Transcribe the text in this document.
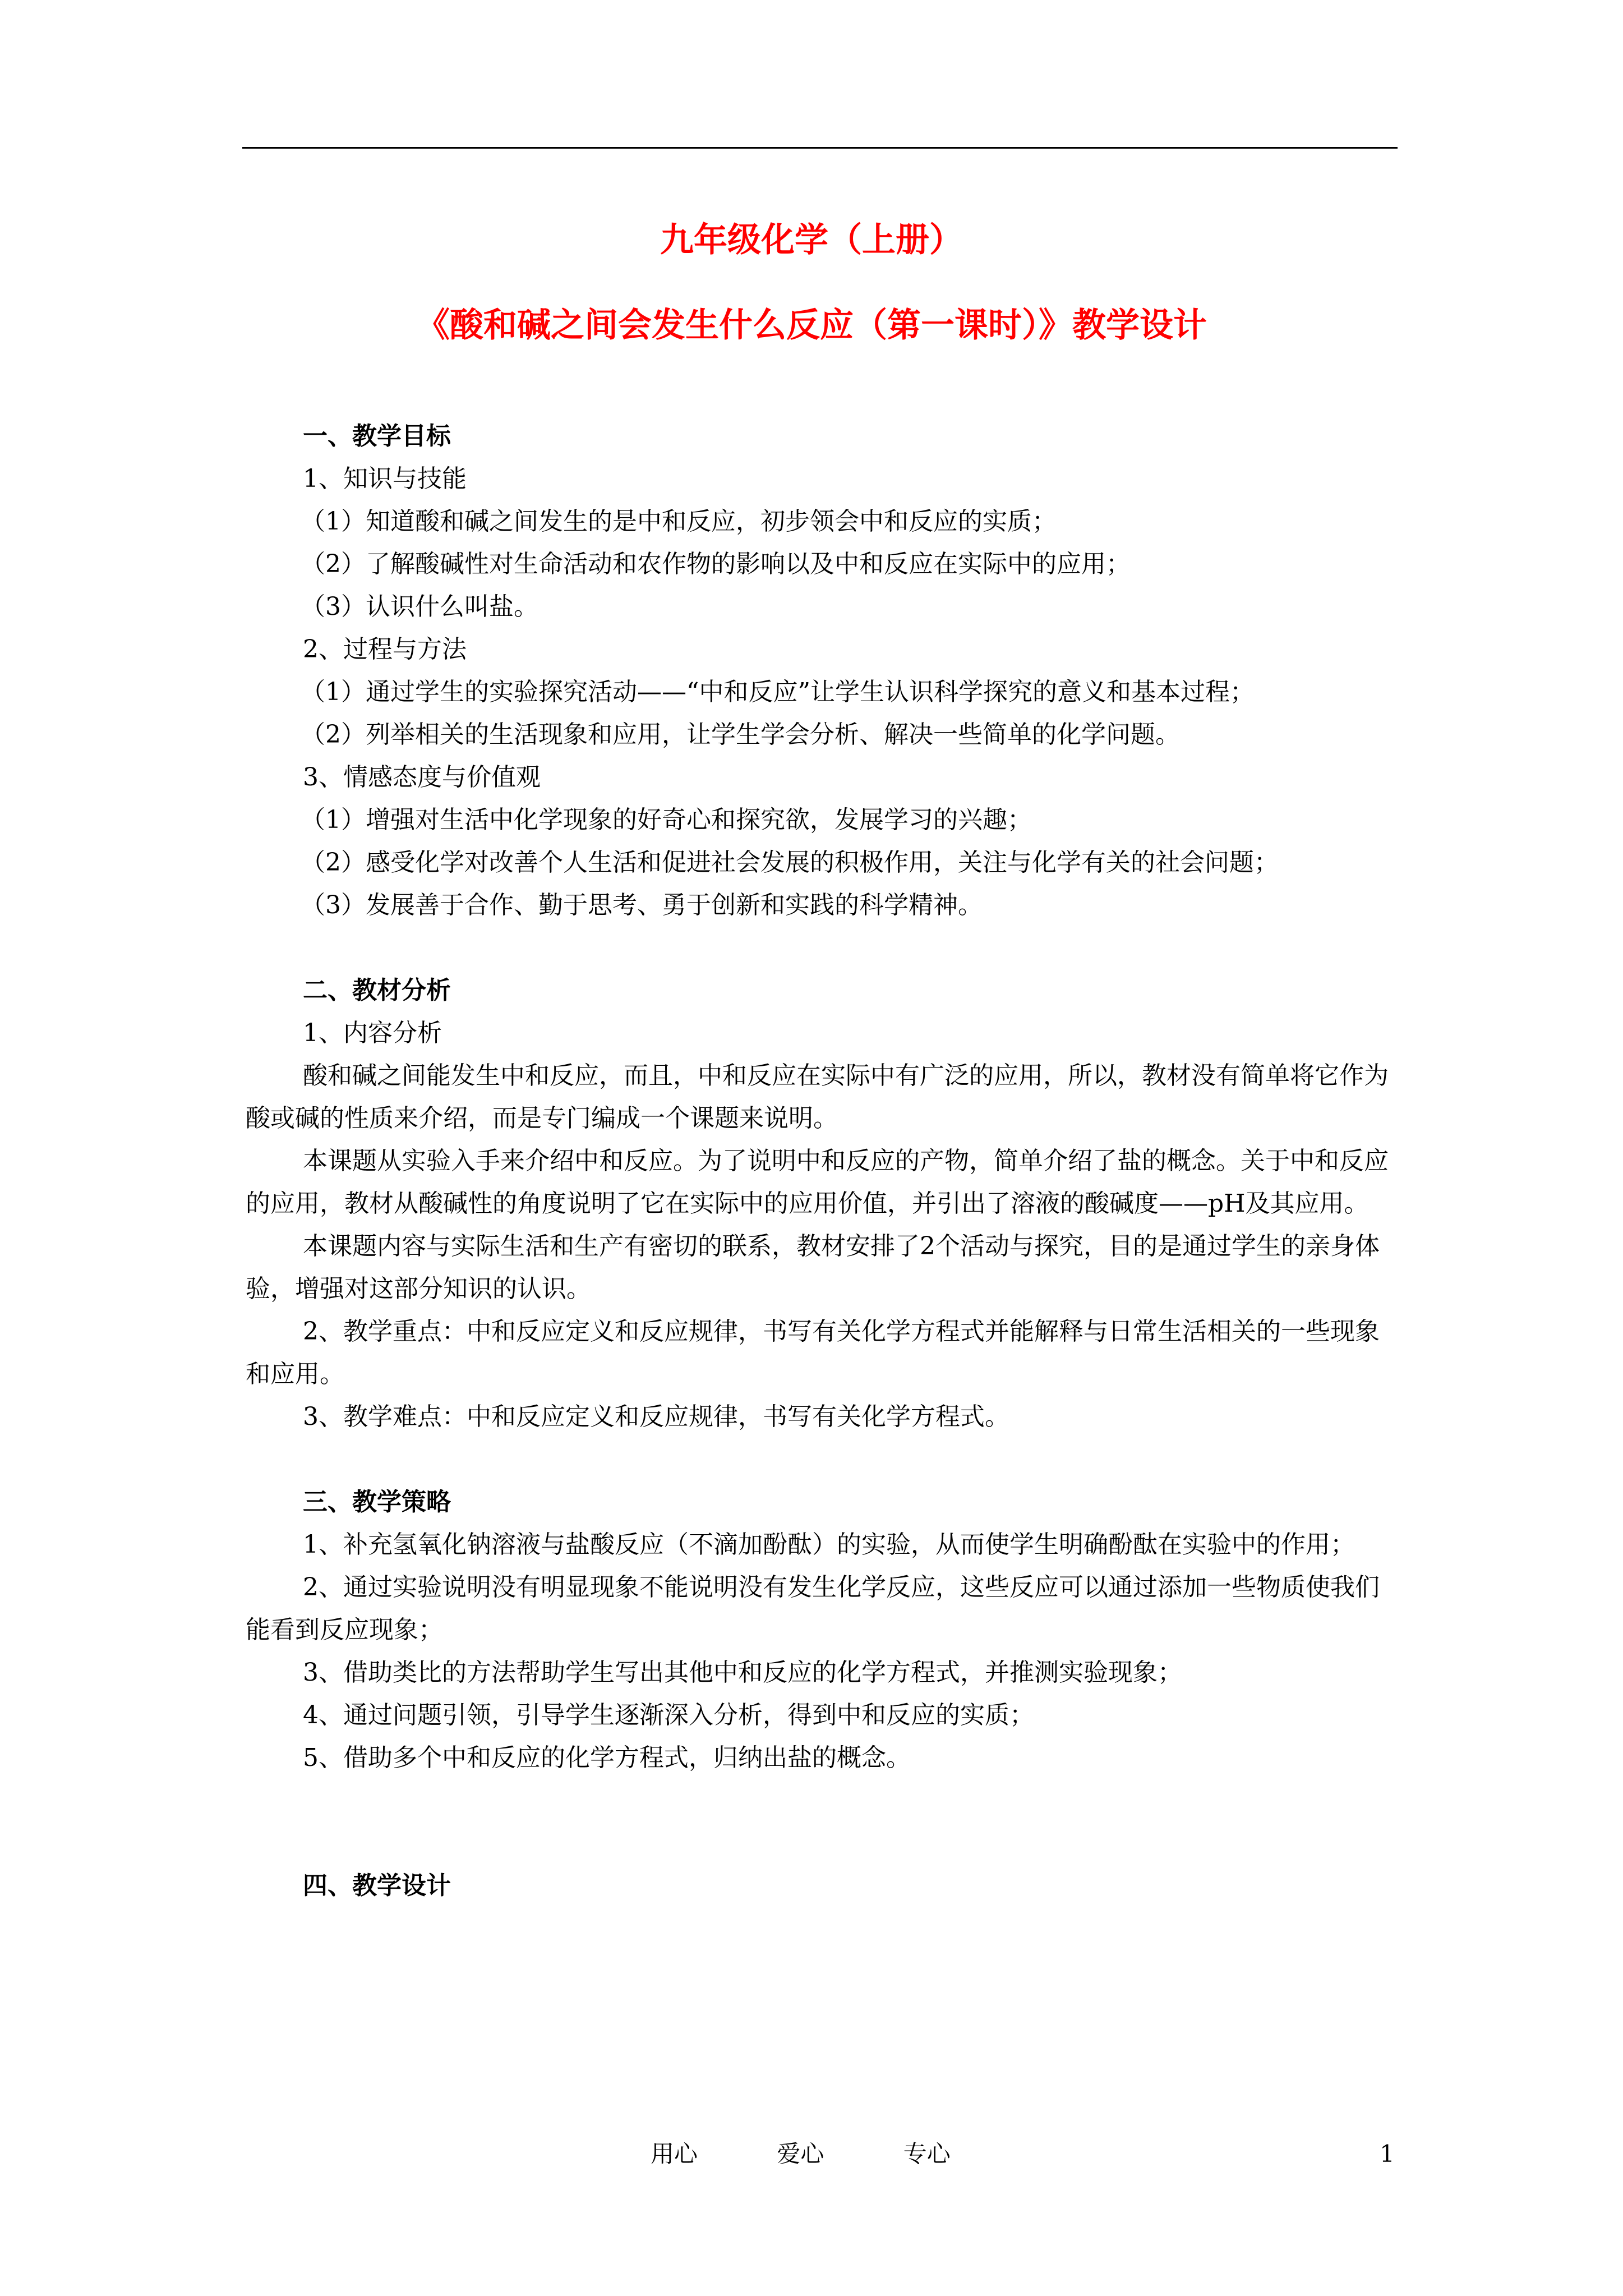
九年级化学（上册）
《酸和碱之间会发生什么反应（第一课时）》教学设计

一、教学目标

1、知识与技能

（1）知道酸和碱之间发生的是中和反应，初步领会中和反应的实质；

（2）了解酸碱性对生命活动和农作物的影响以及中和反应在实际中的应用；

（3）认识什么叫盐。

2、过程与方法

（1）通过学生的实验探究活动——“中和反应”让学生认识科学探究的意义和基本过程；

（2）列举相关的生活现象和应用，让学生学会分析、解决一些简单的化学问题。

3、情感态度与价值观

（1）增强对生活中化学现象的好奇心和探究欲，发展学习的兴趣；

（2）感受化学对改善个人生活和促进社会发展的积极作用，关注与化学有关的社会问题；

（3）发展善于合作、勤于思考、勇于创新和实践的科学精神。

二、教材分析

1、内容分析

酸和碱之间能发生中和反应，而且，中和反应在实际中有广泛的应用，所以，教材没有简单将它作为酸或碱的性质来介绍，而是专门编成一个课题来说明。

本课题从实验入手来介绍中和反应。为了说明中和反应的产物，简单介绍了盐的概念。关于中和反应的应用，教材从酸碱性的角度说明了它在实际中的应用价值，并引出了溶液的酸碱度——pH及其应用。

本课题内容与实际生活和生产有密切的联系，教材安排了2个活动与探究，目的是通过学生的亲身体验，增强对这部分知识的认识。

2、教学重点：中和反应定义和反应规律，书写有关化学方程式并能解释与日常生活相关的一些现象和应用。

3、教学难点：中和反应定义和反应规律，书写有关化学方程式。

三、教学策略

1、补充氢氧化钠溶液与盐酸反应（不滴加酚酞）的实验，从而使学生明确酚酞在实验中的作用；

2、通过实验说明没有明显现象不能说明没有发生化学反应，这些反应可以通过添加一些物质使我们能看到反应现象；

3、借助类比的方法帮助学生写出其他中和反应的化学方程式，并推测实验现象；

4、通过问题引领，引导学生逐渐深入分析，得到中和反应的实质；

5、借助多个中和反应的化学方程式，归纳出盐的概念。

四、教学设计

用心	爱心	专心	1
